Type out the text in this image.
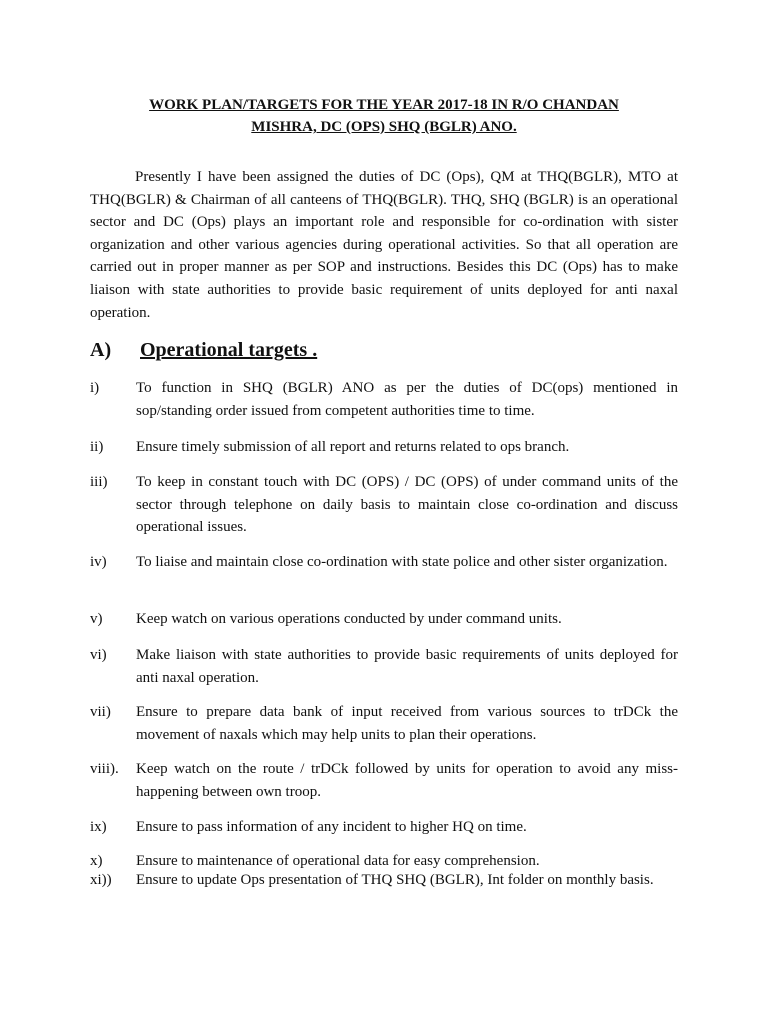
WORK PLAN/TARGETS FOR THE YEAR 2017-18 IN R/O CHANDAN
MISHRA, DC (OPS) SHQ (BGLR) ANO.

Presently I have been assigned the duties of DC (Ops), QM at THQ(BGLR), MTO at THQ(BGLR) & Chairman of all canteens of THQ(BGLR). THQ, SHQ (BGLR) is an operational sector and DC (Ops) plays an important role and responsible for co-ordination with sister organization and other various agencies during operational activities. So that all operation are carried out in proper manner as per SOP and instructions. Besides this DC (Ops) has to make liaison with state authorities to provide basic requirement of units deployed for anti naxal operation.

A) Operational targets .
i)	To function in SHQ (BGLR) ANO as per the duties of DC(ops) mentioned in sop/standing order issued from competent authorities time to time.
ii)	Ensure timely submission of all report and returns related to ops branch.
iii)	To keep in constant touch with DC (OPS) / DC (OPS) of under command units of the sector through telephone on daily basis to maintain close co-ordination and discuss operational issues.
iv)	To liaise and maintain close co-ordination with state police and other sister organization.
v)	Keep watch on various operations conducted by under command units.
vi)	Make liaison with state authorities to provide basic requirements of units deployed for anti naxal operation.
vii)	Ensure to prepare data bank of input received from various sources to trDCk the movement of naxals which may help units to plan their operations.
viii).	Keep watch on the route / trDCk followed by units for operation to avoid any miss- happening between own troop.
ix)	Ensure to pass information of any incident to higher HQ on time.
x)	Ensure to maintenance of operational data for easy comprehension.
xi))	Ensure to update Ops presentation of THQ SHQ (BGLR), Int folder on monthly basis.
